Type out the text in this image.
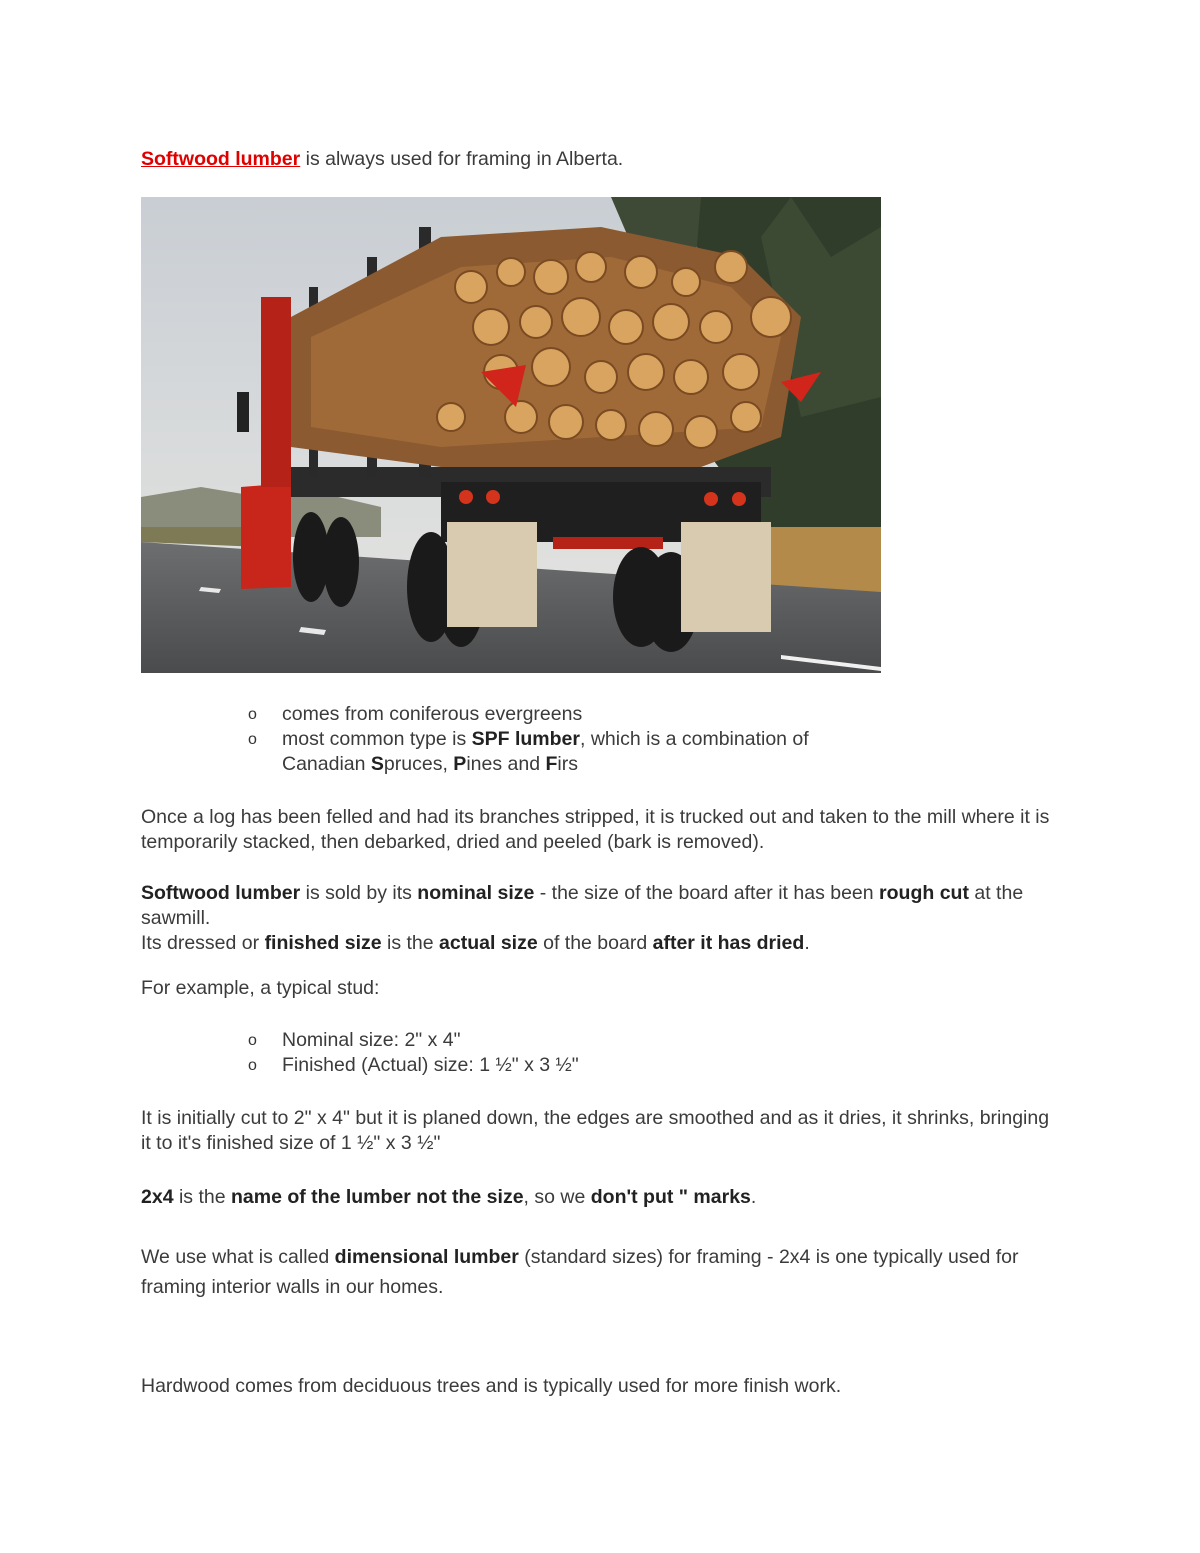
Softwood lumber is always used for framing in Alberta.

o comes from coniferous evergreens
o most common type is SPF lumber, which is a combination of
Canadian Spruces, Pines and Firs

Once a log has been felled and had its branches stripped, it is trucked out and taken to the mill where it is temporarily stacked, then debarked, dried and peeled (bark is removed).

Softwood lumber is sold by its nominal size - the size of the board after it has been rough cut at the sawmill.
Its dressed or finished size is the actual size of the board after it has dried.

For example, a typical stud:

o Nominal size: 2" x 4"
o Finished (Actual) size: 1 ½" x 3 ½"

It is initially cut to 2" x 4" but it is planed down, the edges are smoothed and as it dries, it shrinks, bringing it to it's finished size of 1 ½" x 3 ½"

2x4 is the name of the lumber not the size, so we don't put " marks.

We use what is called dimensional lumber (standard sizes) for framing - 2x4 is one typically used for framing interior walls in our homes.

Hardwood comes from deciduous trees and is typically used for more finish work.
